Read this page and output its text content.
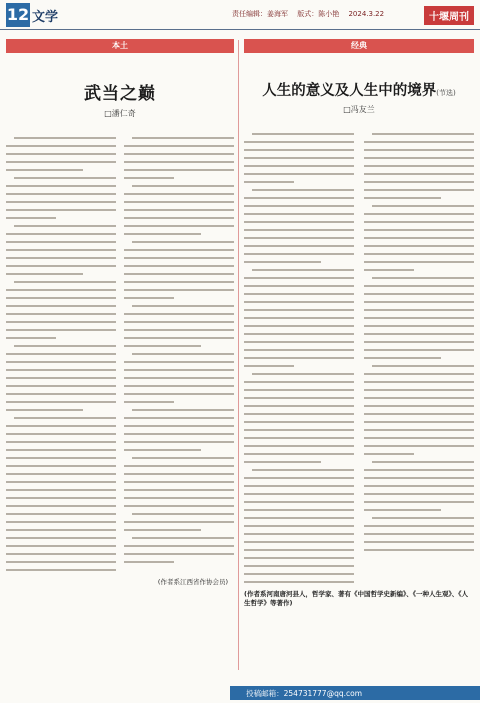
12 文学	责任编辑：姜海军 版式：陈小艳 2024.3.22	十堰周刊
本土
武当之巅
□潘仁奇
(作者系江西省作协会员)
经典
人生的意义及人生中的境界(节选)
□冯友兰
(作者系河南唐河县人，哲学家、著有《中国哲学史新编》、《一种人生观》、《人生哲学》等著作)
投稿邮箱：254731777@qq.com
